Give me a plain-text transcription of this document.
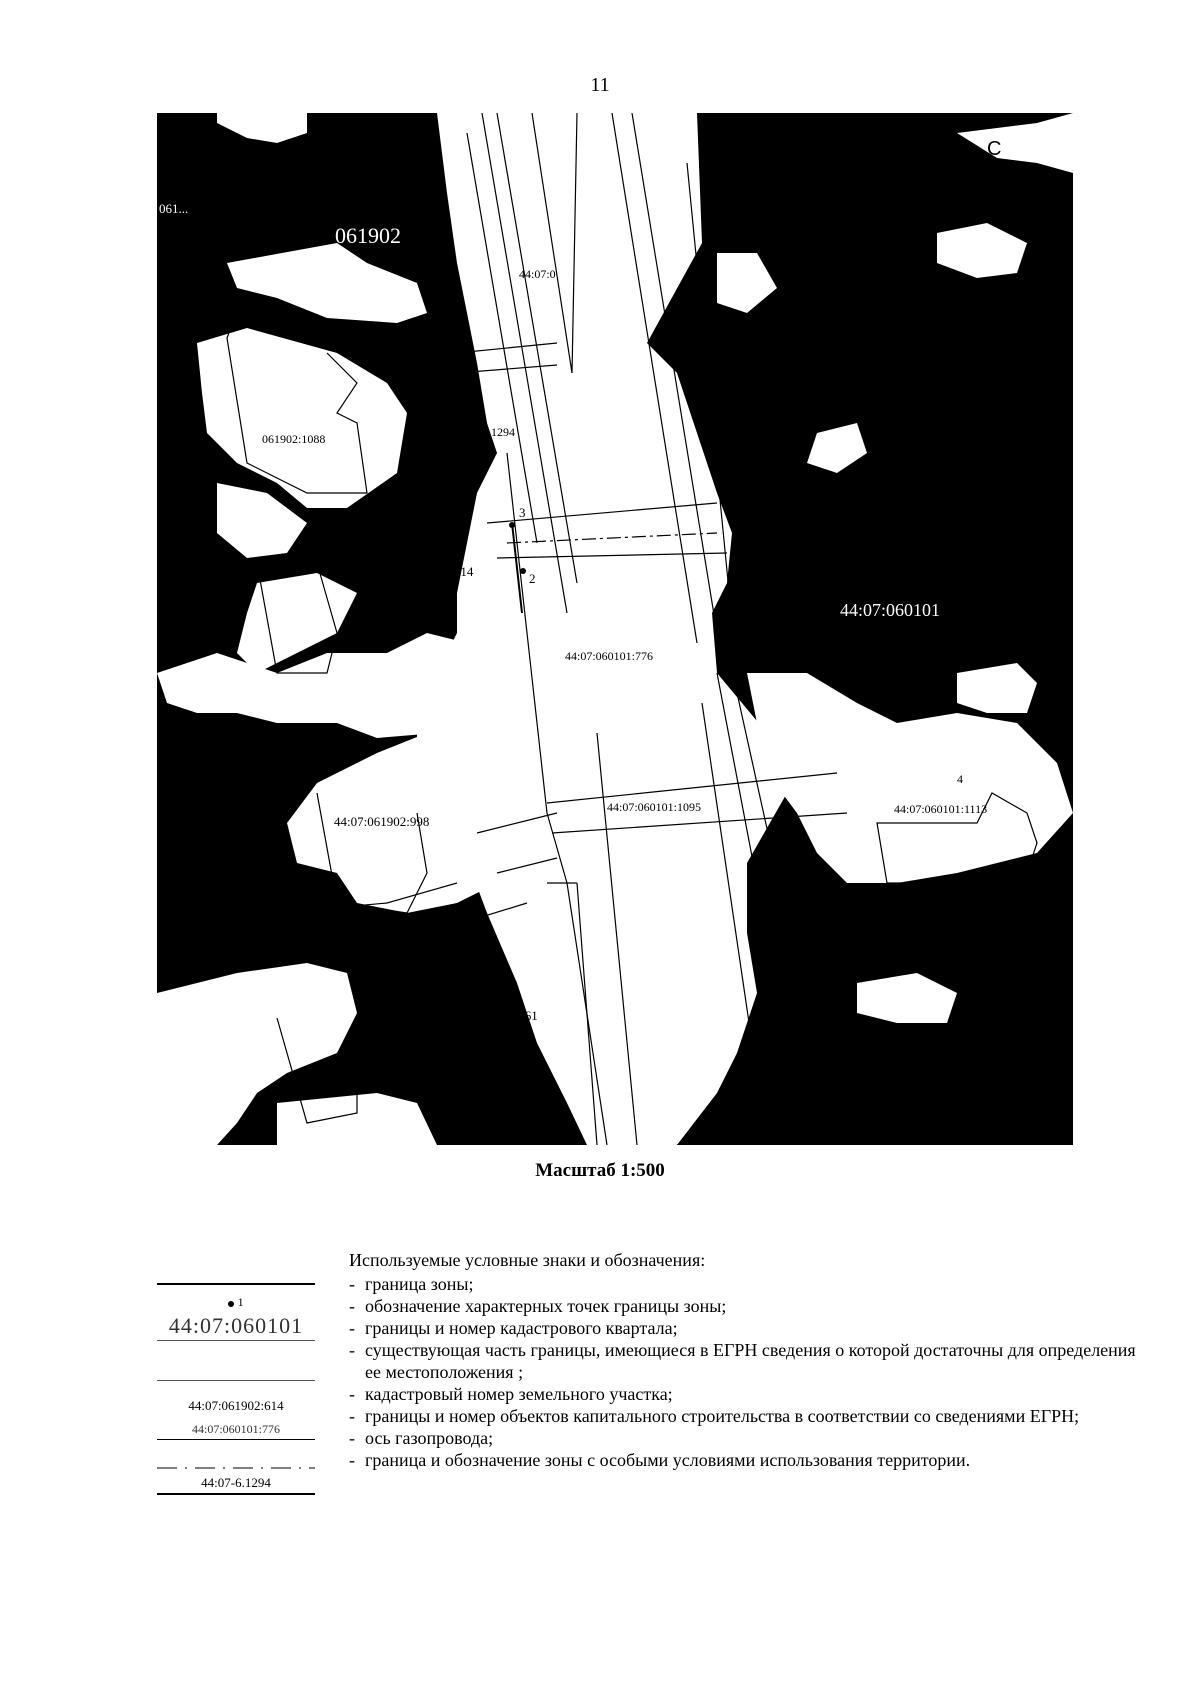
11
3
2
061902
061...
44:07:0
2:613
061902:1088	4407-6.1294
44:07:061902:614
44:07:060101
44:07:060101:776
44:07:060101:1095	44:07:060101:1113
44:07:061902:998
7:061902:61
C
B
4
Масштаб 1:500
1
44:07:060101
44:07:061902:614
44:07:060101:776
44:07-6.1294
Используемые условные знаки и обозначения:
- граница зоны;
- обозначение характерных точек границы зоны;
- границы и номер кадастрового квартала;
- существующая часть границы, имеющиеся в ЕГРН сведения о которой достаточны для определения ее местоположения ;
- кадастровый номер земельного участка;
- границы и номер объектов капитального строительства в соответствии со сведениями ЕГРН;
- ось газопровода;
- граница и обозначение зоны с особыми условиями использования территории.
